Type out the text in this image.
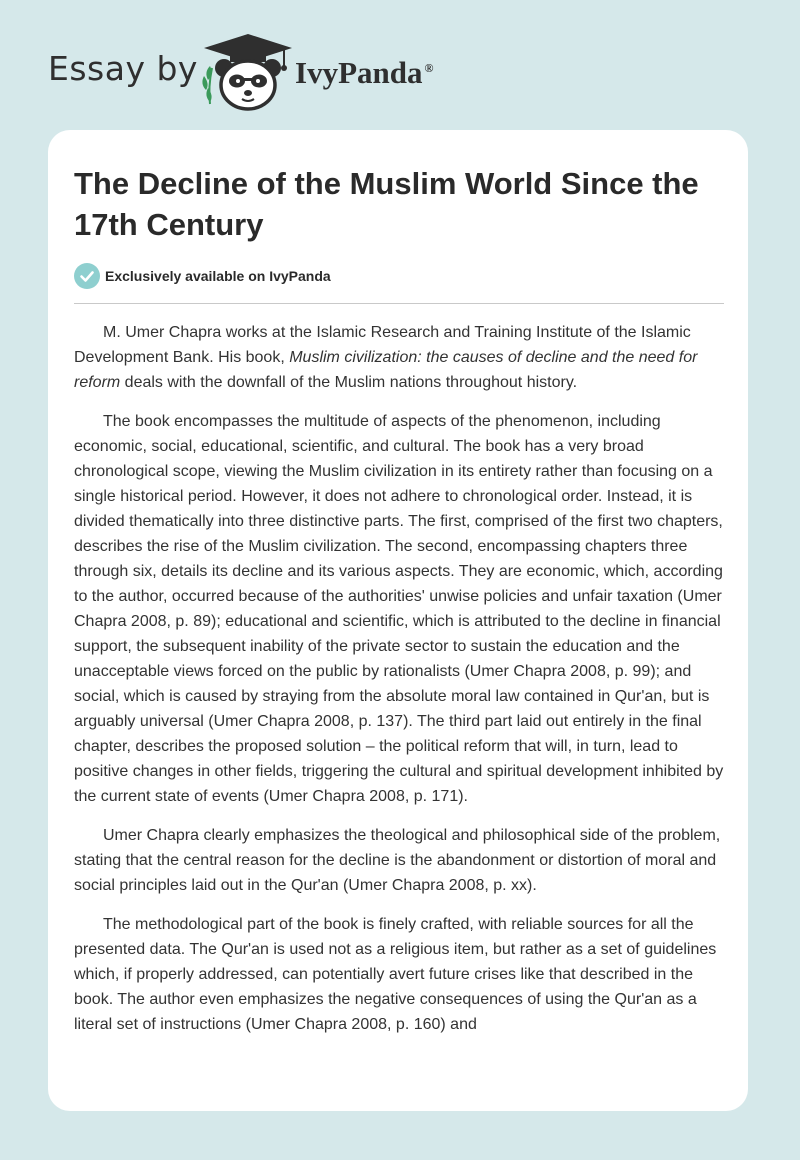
Essay by	IvyPanda ®
The Decline of the Muslim World Since the 17th Century
Exclusively available on IvyPanda

M. Umer Chapra works at the Islamic Research and Training Institute of the Islamic Development Bank. His book, Muslim civilization: the causes of decline and the need for reform deals with the downfall of the Muslim nations throughout history.

The book encompasses the multitude of aspects of the phenomenon, including economic, social, educational, scientific, and cultural. The book has a very broad chronological scope, viewing the Muslim civilization in its entirety rather than focusing on a single historical period. However, it does not adhere to chronological order. Instead, it is divided thematically into three distinctive parts. The first, comprised of the first two chapters, describes the rise of the Muslim civilization. The second, encompassing chapters three through six, details its decline and its various aspects. They are economic, which, according to the author, occurred because of the authorities' unwise policies and unfair taxation (Umer Chapra 2008, p. 89); educational and scientific, which is attributed to the decline in financial support, the subsequent inability of the private sector to sustain the education and the unacceptable views forced on the public by rationalists (Umer Chapra 2008, p. 99); and social, which is caused by straying from the absolute moral law contained in Qur'an, but is arguably universal (Umer Chapra 2008, p. 137). The third part laid out entirely in the final chapter, describes the proposed solution – the political reform that will, in turn, lead to positive changes in other fields, triggering the cultural and spiritual development inhibited by the current state of events (Umer Chapra 2008, p. 171).

Umer Chapra clearly emphasizes the theological and philosophical side of the problem, stating that the central reason for the decline is the abandonment or distortion of moral and social principles laid out in the Qur'an (Umer Chapra 2008, p. xx).

The methodological part of the book is finely crafted, with reliable sources for all the presented data. The Qur'an is used not as a religious item, but rather as a set of guidelines which, if properly addressed, can potentially avert future crises like that described in the book. The author even emphasizes the negative consequences of using the Qur'an as a literal set of instructions (Umer Chapra 2008, p. 160) and
